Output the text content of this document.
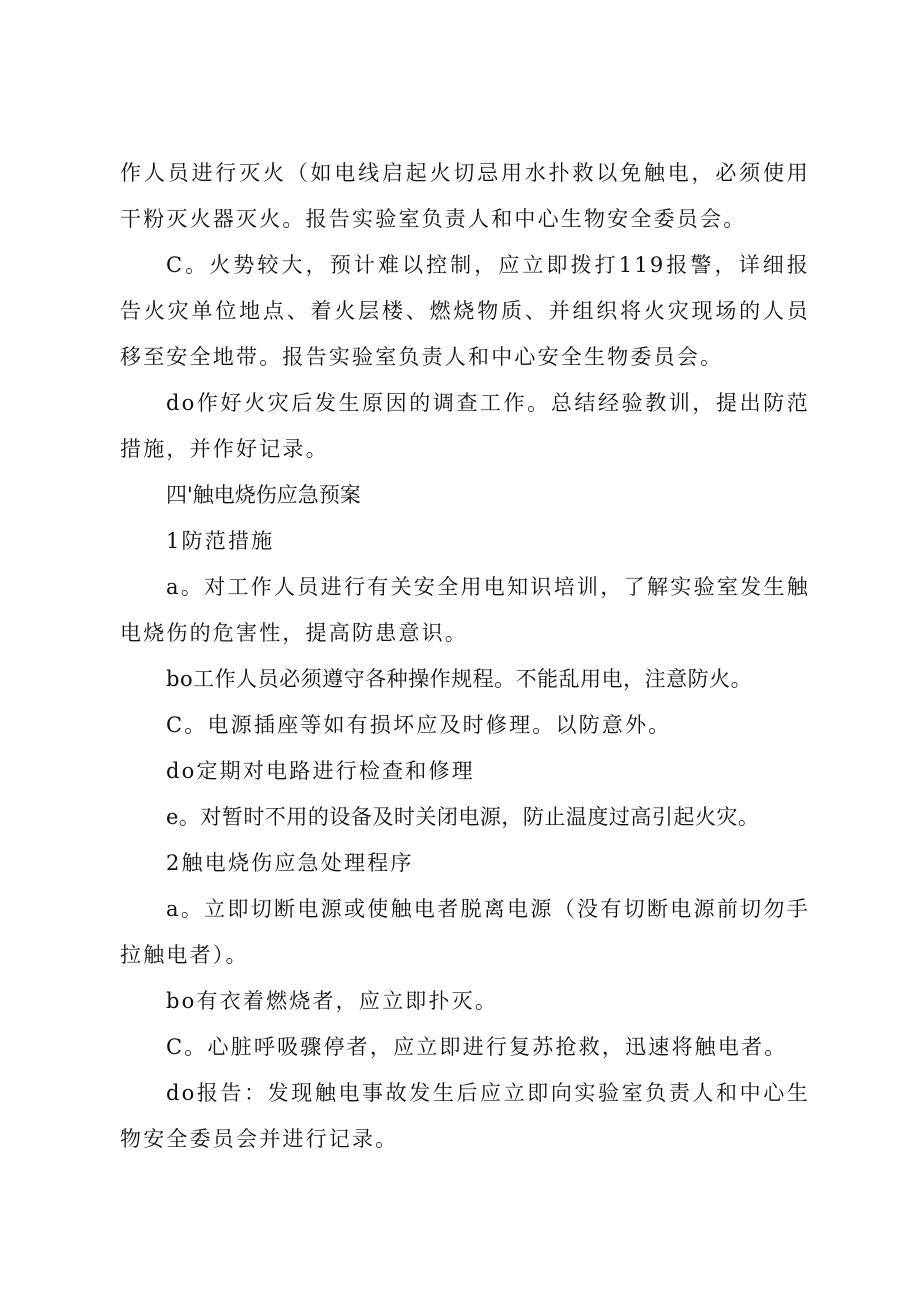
作人员进行灭火（如电线启起火切忌用水扑救以免触电，必须使用干粉灭火器灭火。报告实验室负责人和中心生物安全委员会。

C。火势较大，预计难以控制，应立即拨打119报警，详细报告火灾单位地点、着火层楼、燃烧物质、并组织将火灾现场的人员移至安全地带。报告实验室负责人和中心安全生物委员会。

do作好火灾后发生原因的调查工作。总结经验教训，提出防范措施，并作好记录。

四'触电烧伤应急预案

1防范措施

a。对工作人员进行有关安全用电知识培训，了解实验室发生触电烧伤的危害性，提高防患意识。

bo工作人员必须遵守各种操作规程。不能乱用电，注意防火。

C。电源插座等如有损坏应及时修理。以防意外。

do定期对电路进行检查和修理

e。对暂时不用的设备及时关闭电源，防止温度过高引起火灾。

2触电烧伤应急处理程序

a。立即切断电源或使触电者脱离电源（没有切断电源前切勿手拉触电者）。

bo有衣着燃烧者，应立即扑灭。

C。心脏呼吸骤停者，应立即进行复苏抢救，迅速将触电者。

do报告：发现触电事故发生后应立即向实验室负责人和中心生物安全委员会并进行记录。
